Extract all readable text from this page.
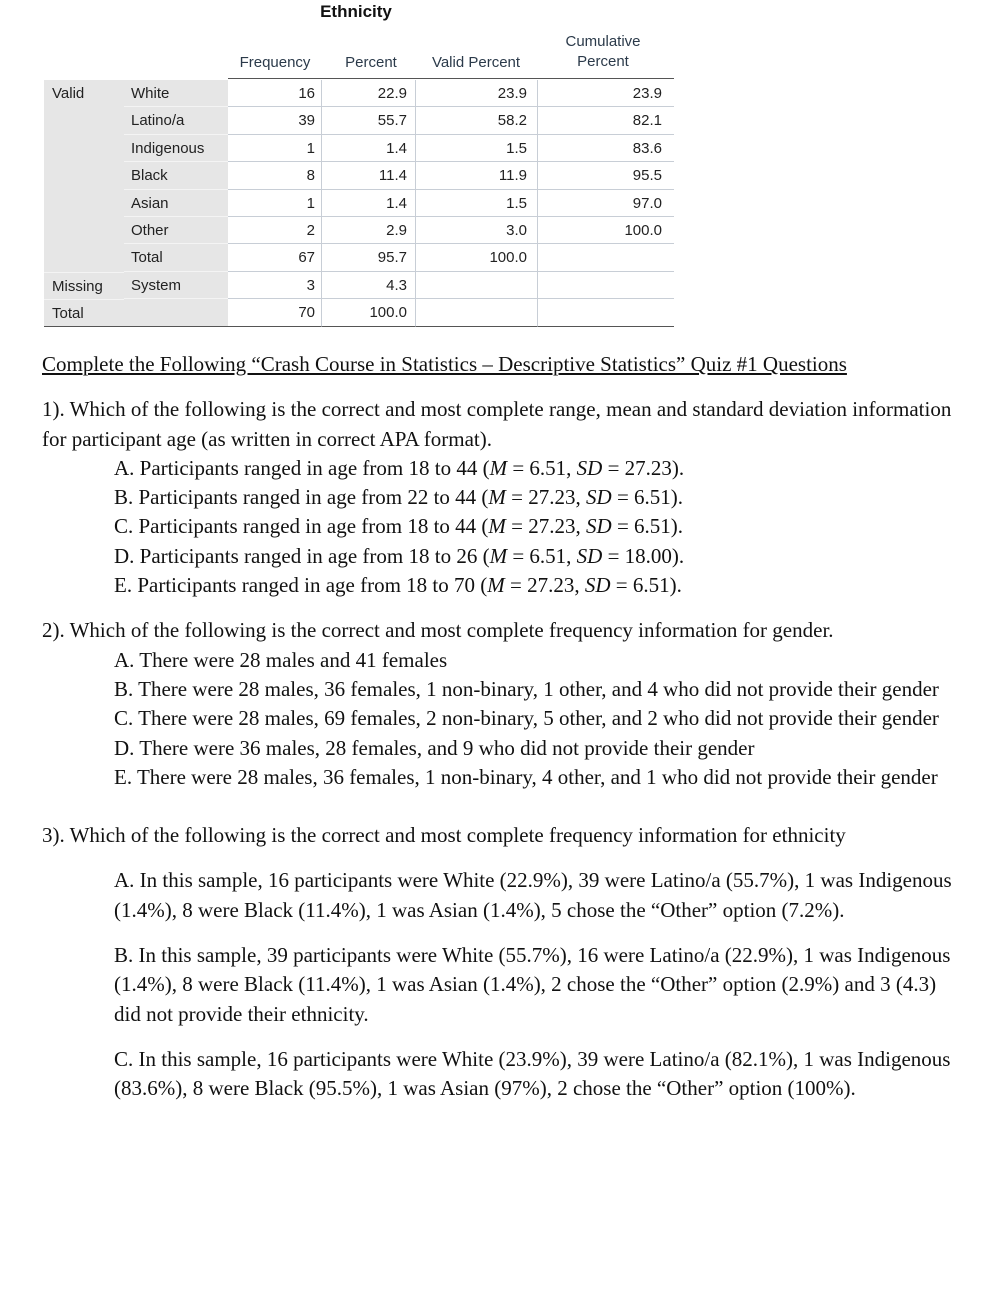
Ethnicity
Frequency	Percent	Valid Percent
Cumulative
Percent
Valid	White	16	22.9	23.9	23.9
Latino/a	39	55.7	58.2	82.1
Indigenous	1	1.4	1.5	83.6
Black	8	11.4	11.9	95.5
Asian	1	1.4	1.5	97.0
Other	2	2.9	3.0	100.0
Total	67	95.7	100.0
Missing	System	3	4.3
Total	70	100.0

Complete the Following “Crash Course in Statistics – Descriptive Statistics” Quiz #1 Questions

1). Which of the following is the correct and most complete range, mean and standard deviation information for participant age (as written in correct APA format).

A. Participants ranged in age from 18 to 44 (M = 6.51, SD = 27.23).

B. Participants ranged in age from 22 to 44 (M = 27.23, SD = 6.51).

C. Participants ranged in age from 18 to 44 (M = 27.23, SD = 6.51).

D. Participants ranged in age from 18 to 26 (M = 6.51, SD = 18.00).

E. Participants ranged in age from 18 to 70 (M = 27.23, SD = 6.51).

2). Which of the following is the correct and most complete frequency information for gender.

A. There were 28 males and 41 females

B. There were 28 males, 36 females, 1 non-binary, 1 other, and 4 who did not provide their gender

C. There were 28 males, 69 females, 2 non-binary, 5 other, and 2 who did not provide their gender

D. There were 36 males, 28 females, and 9 who did not provide their gender

E. There were 28 males, 36 females, 1 non-binary, 4 other, and 1 who did not provide their gender

3). Which of the following is the correct and most complete frequency information for ethnicity

A. In this sample, 16 participants were White (22.9%), 39 were Latino/a (55.7%), 1 was Indigenous (1.4%), 8 were Black (11.4%), 1 was Asian (1.4%), 5 chose the “Other” option (7.2%).

B. In this sample, 39 participants were White (55.7%), 16 were Latino/a (22.9%), 1 was Indigenous (1.4%), 8 were Black (11.4%), 1 was Asian (1.4%), 2 chose the “Other” option (2.9%) and 3 (4.3) did not provide their ethnicity.

C. In this sample, 16 participants were White (23.9%), 39 were Latino/a (82.1%), 1 was Indigenous (83.6%), 8 were Black (95.5%), 1 was Asian (97%), 2 chose the “Other” option (100%).
